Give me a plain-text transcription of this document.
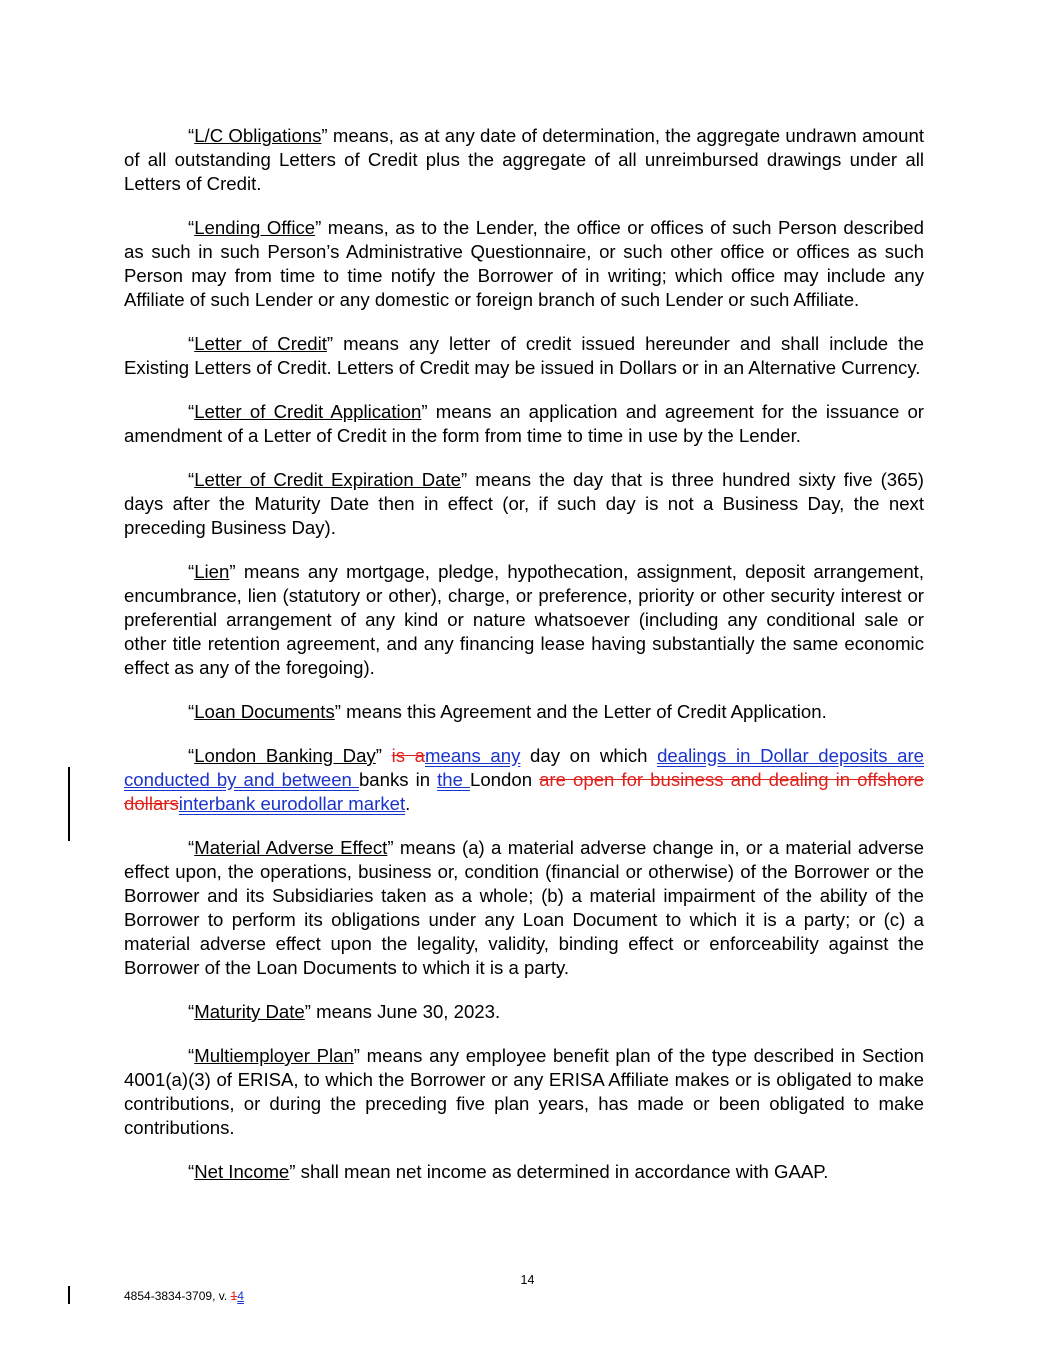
“L/C Obligations” means, as at any date of determination, the aggregate undrawn amount of all outstanding Letters of Credit plus the aggregate of all unreimbursed drawings under all Letters of Credit.

“Lending Office” means, as to the Lender, the office or offices of such Person described as such in such Person’s Administrative Questionnaire, or such other office or offices as such Person may from time to time notify the Borrower of in writing; which office may include any Affiliate of such Lender or any domestic or foreign branch of such Lender or such Affiliate.

“Letter of Credit” means any letter of credit issued hereunder and shall include the Existing Letters of Credit. Letters of Credit may be issued in Dollars or in an Alternative Currency.

“Letter of Credit Application” means an application and agreement for the issuance or amendment of a Letter of Credit in the form from time to time in use by the Lender.

“Letter of Credit Expiration Date” means the day that is three hundred sixty five (365) days after the Maturity Date then in effect (or, if such day is not a Business Day, the next preceding Business Day).

“Lien” means any mortgage, pledge, hypothecation, assignment, deposit arrangement, encumbrance, lien (statutory or other), charge, or preference, priority or other security interest or preferential arrangement of any kind or nature whatsoever (including any conditional sale or other title retention agreement, and any financing lease having substantially the same economic effect as any of the foregoing).

“Loan Documents” means this Agreement and the Letter of Credit Application.

“London Banking Day” is ameans any day on which dealings in Dollar deposits are conducted by and between banks in the London are open for business and dealing in offshore dollarsinterbank eurodollar market.

“Material Adverse Effect” means (a) a material adverse change in, or a material adverse effect upon, the operations, business or, condition (financial or otherwise) of the Borrower or the Borrower and its Subsidiaries taken as a whole; (b) a material impairment of the ability of the Borrower to perform its obligations under any Loan Document to which it is a party; or (c) a material adverse effect upon the legality, validity, binding effect or enforceability against the Borrower of the Loan Documents to which it is a party.

“Maturity Date” means June 30, 2023.

“Multiemployer Plan” means any employee benefit plan of the type described in Section 4001(a)(3) of ERISA, to which the Borrower or any ERISA Affiliate makes or is obligated to make contributions, or during the preceding five plan years, has made or been obligated to make contributions.

“Net Income” shall mean net income as determined in accordance with GAAP.

14
4854-3834-3709, v. 14
